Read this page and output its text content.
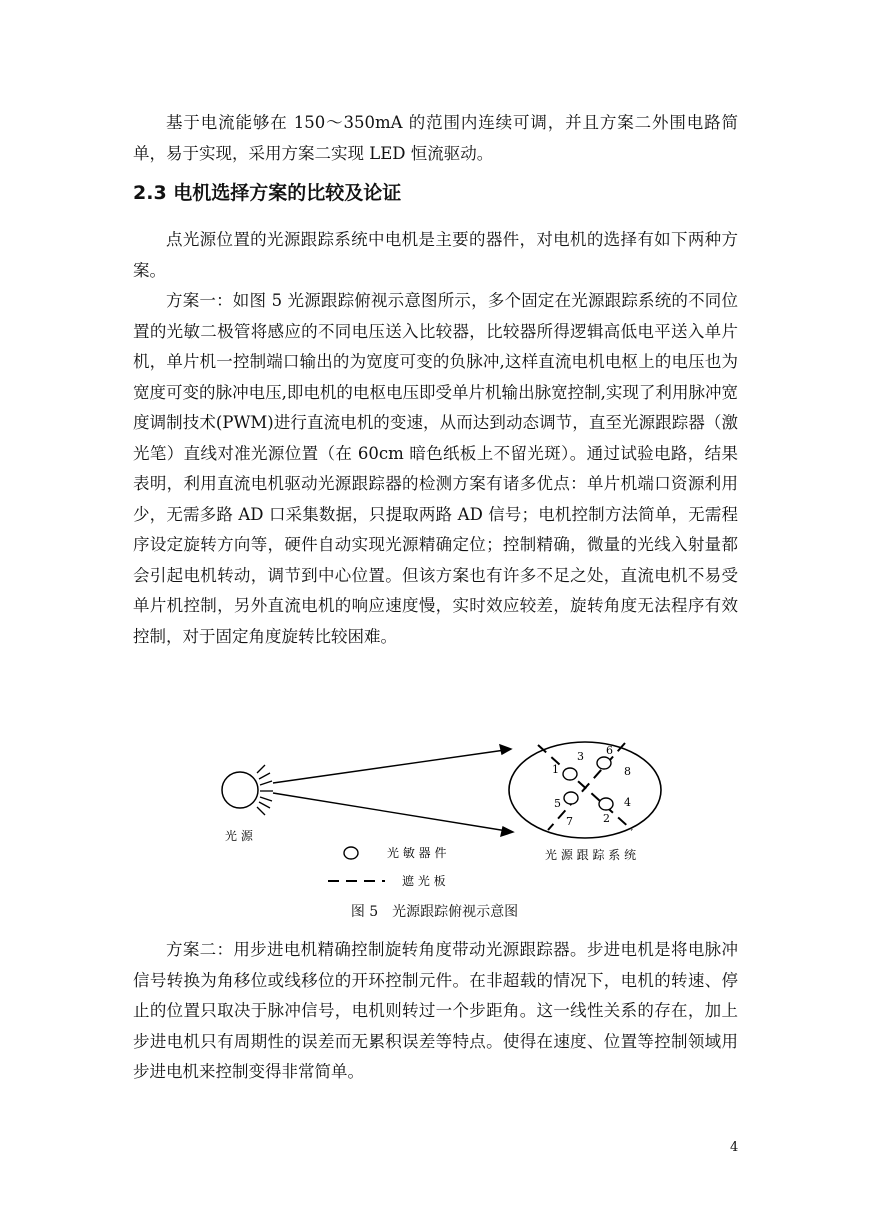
基于电流能够在 150～350mA 的范围内连续可调，并且方案二外围电路简单，易于实现，采用方案二实现 LED 恒流驱动。

2.3 电机选择方案的比较及论证

点光源位置的光源跟踪系统中电机是主要的器件，对电机的选择有如下两种方案。

方案一：如图 5 光源跟踪俯视示意图所示，多个固定在光源跟踪系统的不同位置的光敏二极管将感应的不同电压送入比较器，比较器所得逻辑高低电平送入单片机，单片机一控制端口输出的为宽度可变的负脉冲,这样直流电机电枢上的电压也为宽度可变的脉冲电压,即电机的电枢电压即受单片机输出脉宽控制,实现了利用脉冲宽度调制技术(PWM)进行直流电机的变速，从而达到动态调节，直至光源跟踪器（激光笔）直线对准光源位置（在 60cm 暗色纸板上不留光斑）。通过试验电路，结果表明，利用直流电机驱动光源跟踪器的检测方案有诸多优点：单片机端口资源利用少，无需多路 AD 口采集数据，只提取两路 AD 信号；电机控制方法简单，无需程序设定旋转方向等，硬件自动实现光源精确定位；控制精确，微量的光线入射量都会引起电机转动，调节到中心位置。但该方案也有许多不足之处，直流电机不易受单片机控制，另外直流电机的响应速度慢，实时效应较差，旋转角度无法程序有效控制，对于固定角度旋转比较困难。

1
2
3
4
5
6
7
8
光 源
光 源 跟 踪 系 统
光 敏 器 件
遮 光 板
图 5　光源跟踪俯视示意图

方案二：用步进电机精确控制旋转角度带动光源跟踪器。步进电机是将电脉冲信号转换为角移位或线移位的开环控制元件。在非超载的情况下，电机的转速、停止的位置只取决于脉冲信号，电机则转过一个步距角。这一线性关系的存在，加上步进电机只有周期性的误差而无累积误差等特点。使得在速度、位置等控制领域用步进电机来控制变得非常简单。

4
